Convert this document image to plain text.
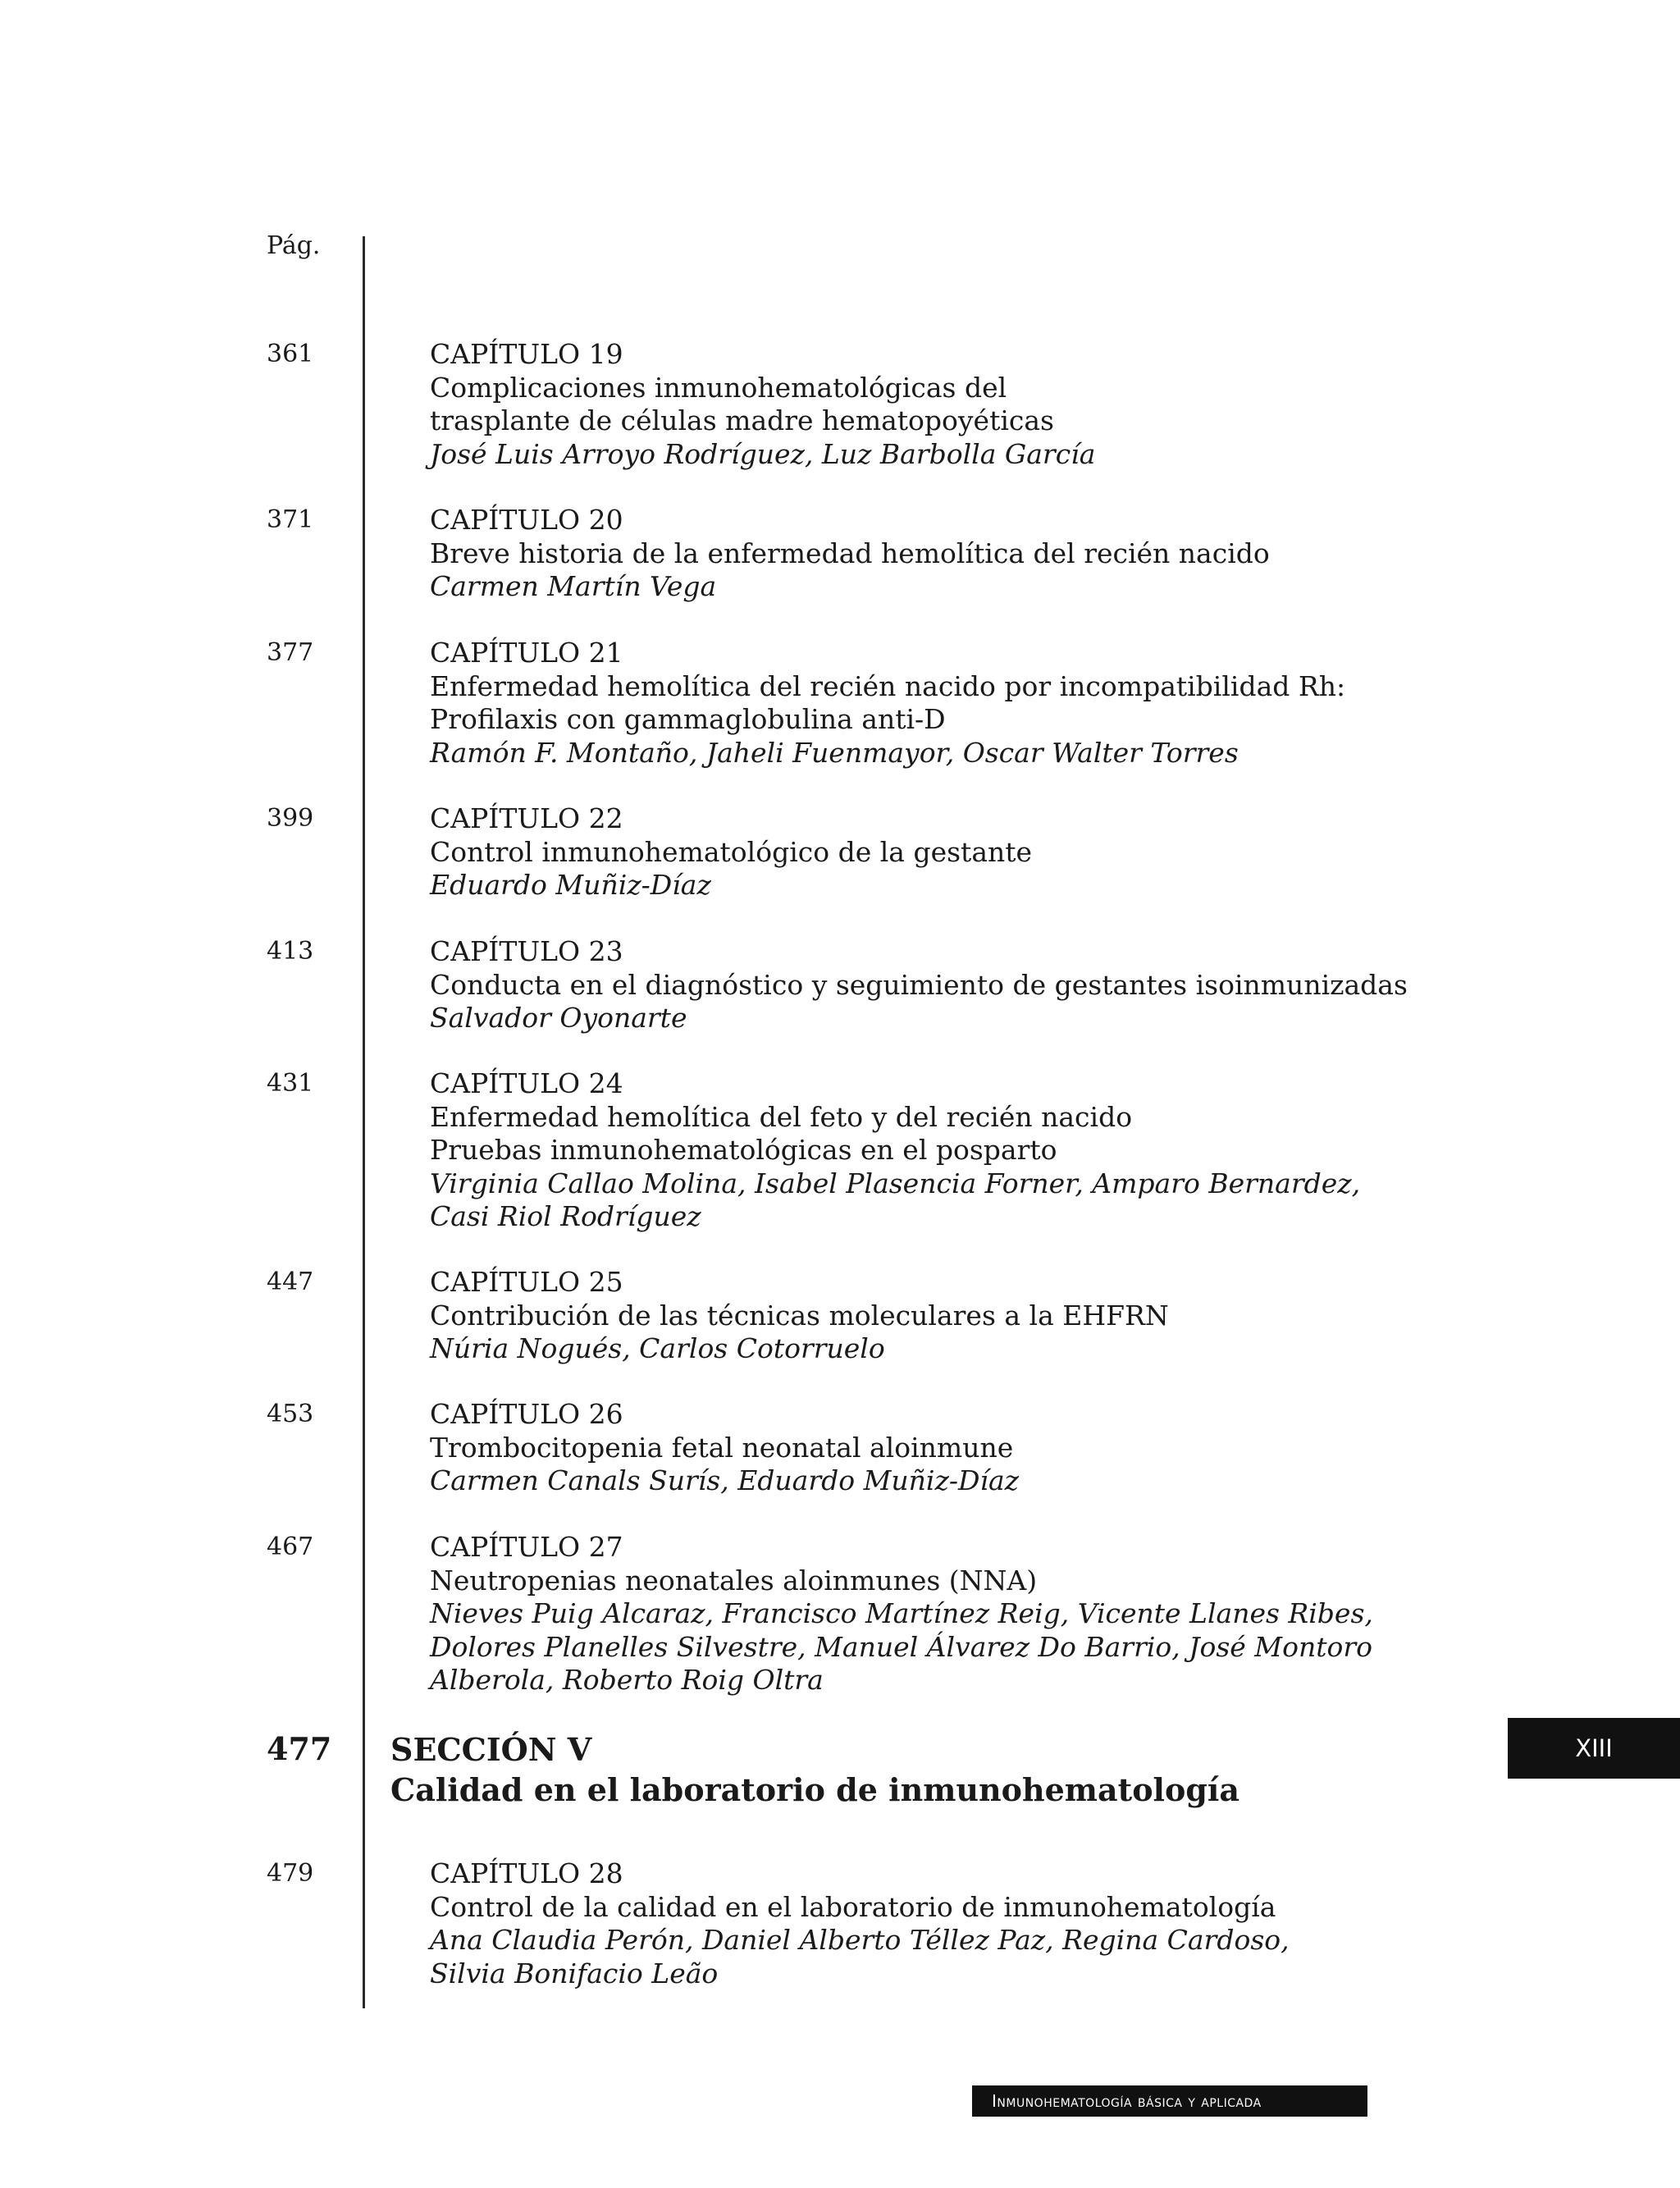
Pág.
361	CAPÍTULO 19
Complicaciones inmunohematológicas del
trasplante de células madre hematopoyéticas
José Luis Arroyo Rodríguez, Luz Barbolla García
371	CAPÍTULO 20
Breve historia de la enfermedad hemolítica del recién nacido
Carmen Martín Vega
377	CAPÍTULO 21
Enfermedad hemolítica del recién nacido por incompatibilidad Rh:
Profilaxis con gammaglobulina anti-D
Ramón F. Montaño, Jaheli Fuenmayor, Oscar Walter Torres
399	CAPÍTULO 22
Control inmunohematológico de la gestante
Eduardo Muñiz-Díaz
413	CAPÍTULO 23
Conducta en el diagnóstico y seguimiento de gestantes isoinmunizadas
Salvador Oyonarte
431	CAPÍTULO 24
Enfermedad hemolítica del feto y del recién nacido
Pruebas inmunohematológicas en el posparto
Virginia Callao Molina, Isabel Plasencia Forner, Amparo Bernardez,
Casi Riol Rodríguez
447	CAPÍTULO 25
Contribución de las técnicas moleculares a la EHFRN
Núria Nogués, Carlos Cotorruelo
453	CAPÍTULO 26
Trombocitopenia fetal neonatal aloinmune
Carmen Canals Surís, Eduardo Muñiz-Díaz
467	CAPÍTULO 27
Neutropenias neonatales aloinmunes (NNA)
Nieves Puig Alcaraz, Francisco Martínez Reig, Vicente Llanes Ribes,
Dolores Planelles Silvestre, Manuel Álvarez Do Barrio, José Montoro
Alberola, Roberto Roig Oltra
477 SECCIÓN V
Calidad en el laboratorio de inmunohematología
479	CAPÍTULO 28
Control de la calidad en el laboratorio de inmunohematología
Ana Claudia Perón, Daniel Alberto Téllez Paz, Regina Cardoso,
Silvia Bonifacio Leão
XIII
Inmunohematología básica y aplicada
